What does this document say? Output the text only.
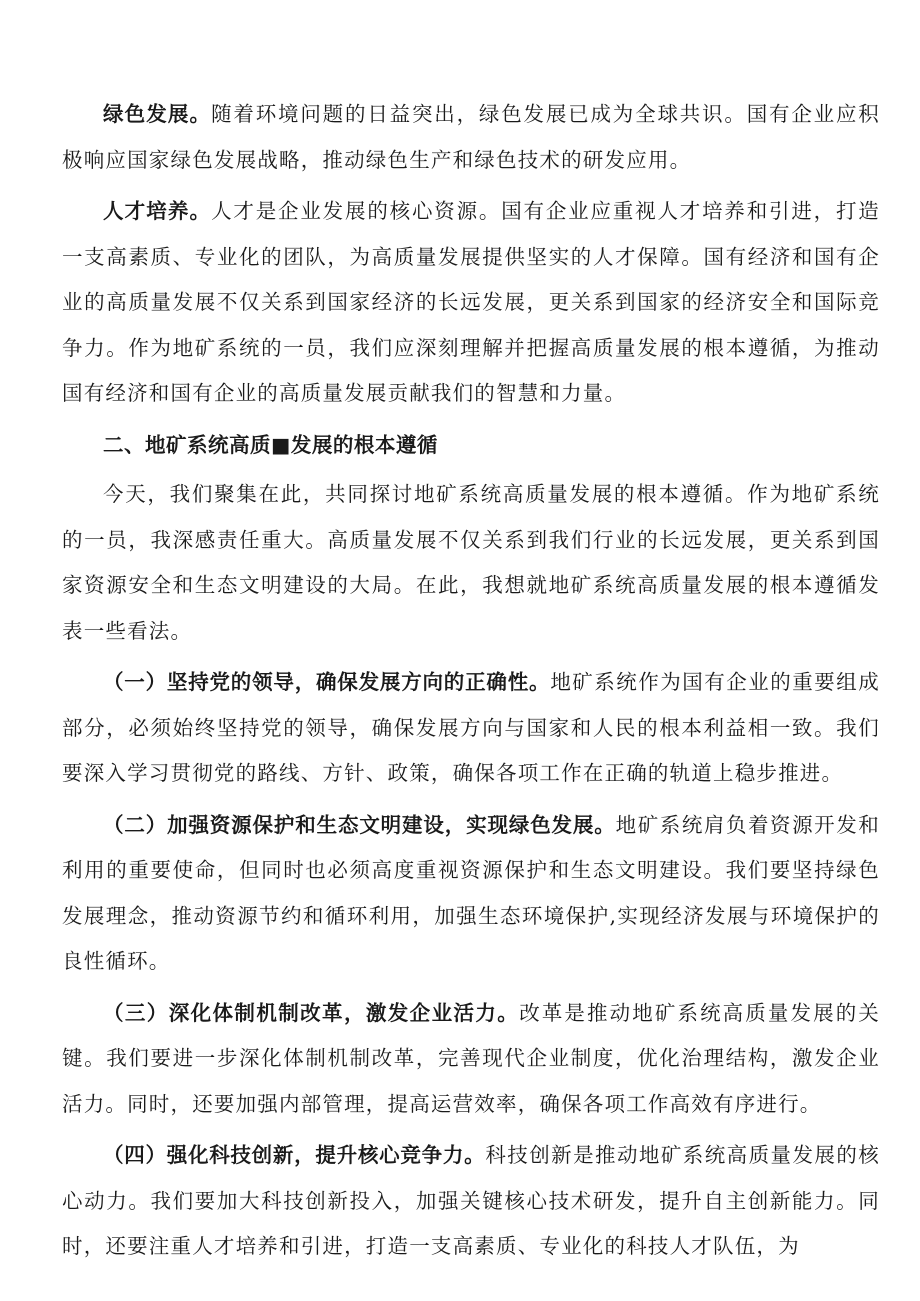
绿色发展。随着环境问题的日益突出，绿色发展已成为全球共识。国有企业应积极响应国家绿色发展战略，推动绿色生产和绿色技术的研发应用。

人才培养。人才是企业发展的核心资源。国有企业应重视人才培养和引进，打造一支高素质、专业化的团队，为高质量发展提供坚实的人才保障。国有经济和国有企业的高质量发展不仅关系到国家经济的长远发展，更关系到国家的经济安全和国际竞争力。作为地矿系统的一员，我们应深刻理解并把握高质量发展的根本遵循，为推动国有经济和国有企业的高质量发展贡献我们的智慧和力量。

二、地矿系统高质■发展的根本遵循

今天，我们聚集在此，共同探讨地矿系统高质量发展的根本遵循。作为地矿系统的一员，我深感责任重大。高质量发展不仅关系到我们行业的长远发展，更关系到国家资源安全和生态文明建设的大局。在此，我想就地矿系统高质量发展的根本遵循发表一些看法。

（一）坚持党的领导，确保发展方向的正确性。地矿系统作为国有企业的重要组成部分，必须始终坚持党的领导，确保发展方向与国家和人民的根本利益相一致。我们要深入学习贯彻党的路线、方针、政策，确保各项工作在正确的轨道上稳步推进。

（二）加强资源保护和生态文明建设，实现绿色发展。地矿系统肩负着资源开发和利用的重要使命，但同时也必须高度重视资源保护和生态文明建设。我们要坚持绿色发展理念，推动资源节约和循环利用，加强生态环境保护,实现经济发展与环境保护的良性循环。

（三）深化体制机制改革，激发企业活力。改革是推动地矿系统高质量发展的关键。我们要进一步深化体制机制改革，完善现代企业制度，优化治理结构，激发企业活力。同时，还要加强内部管理，提高运营效率，确保各项工作高效有序进行。

（四）强化科技创新，提升核心竞争力。科技创新是推动地矿系统高质量发展的核心动力。我们要加大科技创新投入，加强关键核心技术研发，提升自主创新能力。同时，还要注重人才培养和引进，打造一支高素质、专业化的科技人才队伍，为
